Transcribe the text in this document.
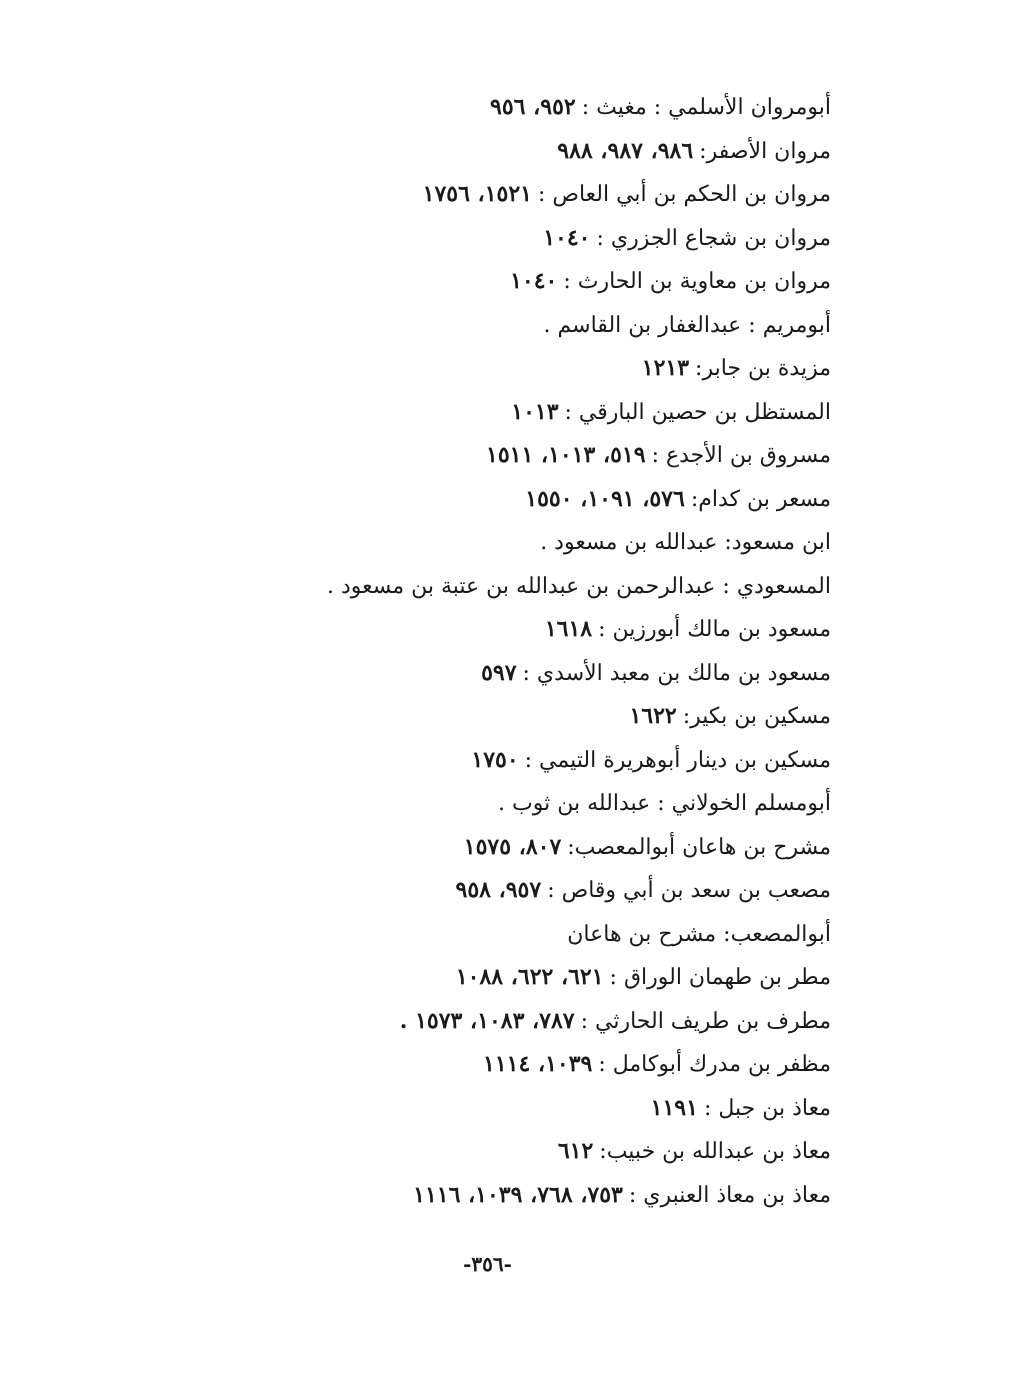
أبومروان الأسلمي : مغيث :٩٥٢، ٩٥٦
مروان الأصفر:٩٨٦، ٩٨٧، ٩٨٨
مروان بن الحكم بن أبي العاص :١٥٢١، ١٧٥٦
مروان بن شجاع الجزري :١٠٤٠
مروان بن معاوية بن الحارث :١٠٤٠
أبومريم : عبدالغفار بن القاسم .
مزيدة بن جابر:١٢١٣
المستظل بن حصين البارقي :١٠١٣
مسروق بن الأجدع :٥١٩، ١٠١٣، ١٥١١
مسعر بن كدام:٥٧٦، ١٠٩١، ١٥٥٠
ابن مسعود: عبدالله بن مسعود .
المسعودي : عبدالرحمن بن عبدالله بن عتبة بن مسعود .
مسعود بن مالك أبورزين :١٦١٨
مسعود بن مالك بن معبد الأسدي :٥٩٧
مسكين بن بكير:١٦٢٢
مسكين بن دينار أبوهريرة التيمي :١٧٥٠
أبومسلم الخولاني : عبدالله بن ثوب .
مشرح بن هاعان أبوالمعصب:٨٠٧، ١٥٧٥
مصعب بن سعد بن أبي وقاص :٩٥٧، ٩٥٨
أبوالمصعب: مشرح بن هاعان
مطر بن طهمان الوراق :٦٢١، ٦٢٢، ١٠٨٨
مطرف بن طريف الحارثي :٧٨٧، ١٠٨٣، ١٥٧٣ .
مظفر بن مدرك أبوكامل :١٠٣٩، ١١١٤
معاذ بن جبل :١١٩١
معاذ بن عبدالله بن خبيب:٦١٢
معاذ بن معاذ العنبري :٧٥٣، ٧٦٨، ١٠٣٩، ١١١٦
-٣٥٦-
